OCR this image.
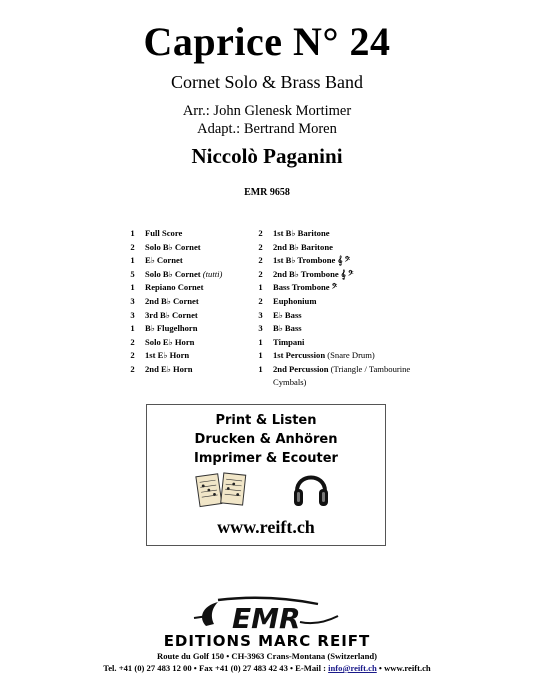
Caprice N° 24
Cornet Solo & Brass Band
Arr.: John Glenesk Mortimer
Adapt.: Bertrand Moren
Niccolò Paganini
EMR 9658
1	Full Score
2	Solo B♭ Cornet
1	E♭ Cornet
5	Solo B♭ Cornet (tutti)
1	Repiano Cornet
3	2nd B♭ Cornet
3	3rd B♭ Cornet
1	B♭ Flugelhorn
2	Solo E♭ Horn
2	1st E♭ Horn
2	2nd E♭ Horn
2	1st B♭ Baritone
2	2nd B♭ Baritone
2	1st B♭ Trombone 𝄞 𝄢
2	2nd B♭ Trombone 𝄞 𝄢
1	Bass Trombone 𝄢
2	Euphonium
3	E♭ Bass
3	B♭ Bass
1	Timpani
1	1st Percussion (Snare Drum)
1	2nd Percussion (Triangle / Tambourine
Cymbals)
Print & Listen
Drucken & Anhören
Imprimer & Ecouter
www.reift.ch
EMR
EDITIONS MARC REIFT
Route du Golf 150 • CH-3963 Crans-Montana (Switzerland)
Tel. +41 (0) 27 483 12 00 • Fax +41 (0) 27 483 42 43 • E-Mail : info@reift.ch • www.reift.ch
